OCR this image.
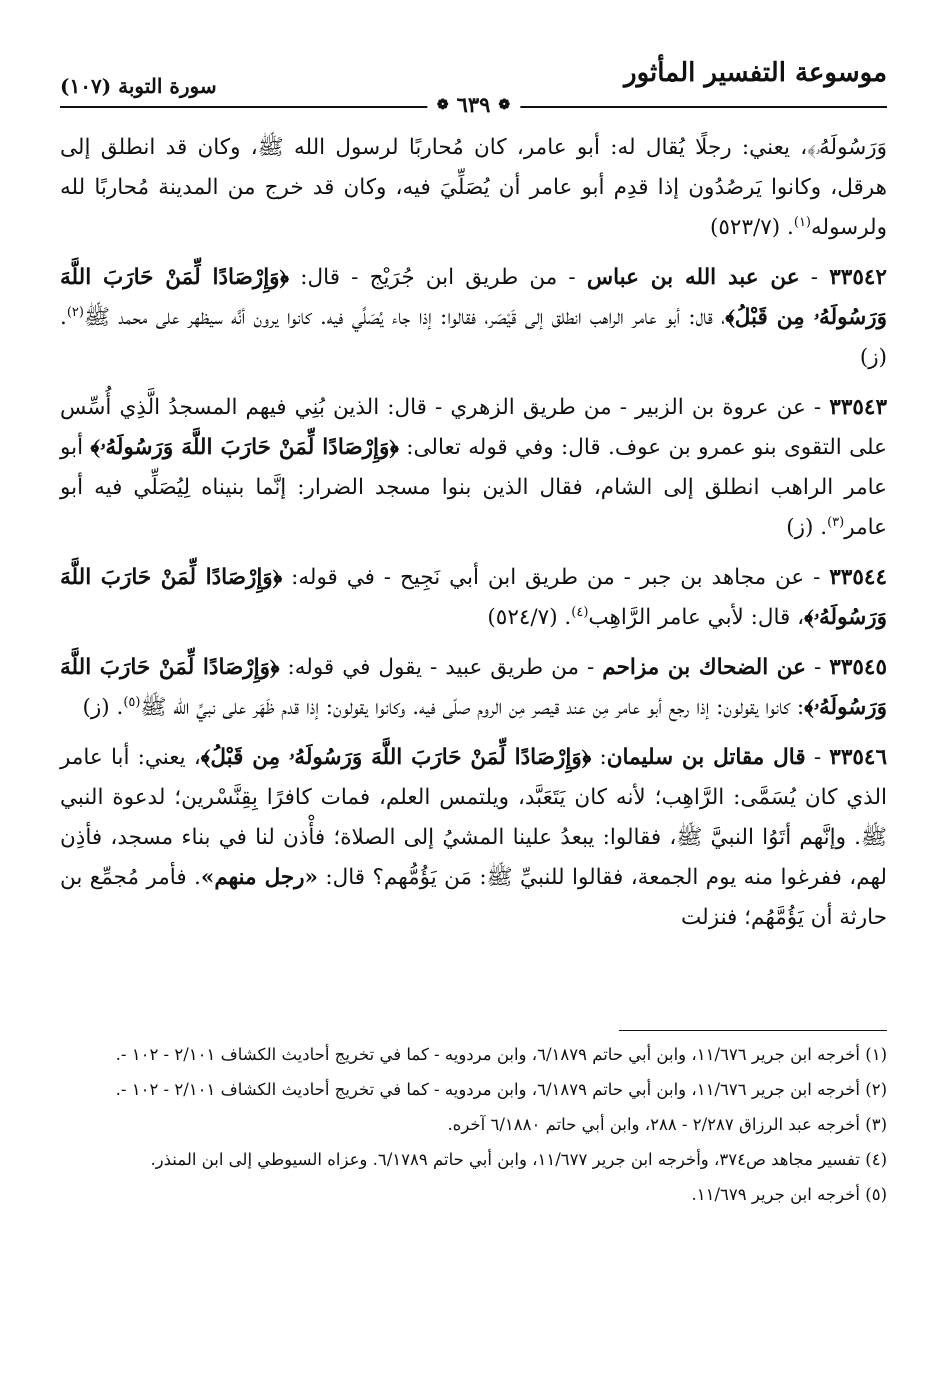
موسوعة التفسير المأثور
سورة التوبة (١٠٧)
❁
٦٣٩
❁

وَرَسُولَهُۥ﴾، يعني: رجلًا يُقال له: أبو عامر، كان مُحاربًا لرسول الله ﷺ، وكان قد انطلق إلى هرقل، وكانوا يَرصُدُون إذا قدِم أبو عامر أن يُصَلِّيَ فيه، وكان قد خرج من المدينة مُحاربًا لله ولرسوله$^{(١)}$. (٥٢٣/٧)

٣٣٥٤٢ - عن عبد الله بن عباس - من طريق ابن جُرَيْج - قال: ﴿وَإِرْصَادًا لِّمَنْ حَارَبَ اللَّهَ وَرَسُولَهُۥ مِن قَبْلُ﴾، قال: أبو عامر الراهب انطلق إلى قَيْصَر، فقالوا: إذا جاء يُصَلِّي فيه. كانوا يرون أنَّه سيظهر على محمد ﷺ$^{(٢)}$. (ز)

٣٣٥٤٣ - عن عروة بن الزبير - من طريق الزهري - قال: الذين بُنِي فيهم المسجدُ الَّذِي أُسِّس على التقوى بنو عمرو بن عوف. قال: وفي قوله تعالى: ﴿وَإِرْصَادًا لِّمَنْ حَارَبَ اللَّهَ وَرَسُولَهُۥ﴾ أبو عامر الراهب انطلق إلى الشام، فقال الذين بنوا مسجد الضرار: إنَّما بنيناه لِيُصَلِّي فيه أبو عامر$^{(٣)}$. (ز)

٣٣٥٤٤ - عن مجاهد بن جبر - من طريق ابن أبي نَجِيح - في قوله: ﴿وَإِرْصَادًا لِّمَنْ حَارَبَ اللَّهَ وَرَسُولَهُۥ﴾، قال: لأبي عامر الرَّاهِب$^{(٤)}$. (٥٢٤/٧)

٣٣٥٤٥ - عن الضحاك بن مزاحم - من طريق عبيد - يقول في قوله: ﴿وَإِرْصَادًا لِّمَنْ حَارَبَ اللَّهَ وَرَسُولَهُۥ﴾: كانوا يقولون: إذا رجع أبو عامر مِن عند قيصر مِن الروم صلّى فيه. وكانوا يقولون: إذا قدم ظَهَر على نبيِّ الله ﷺ$^{(٥)}$. (ز)

٣٣٥٤٦ - قال مقاتل بن سليمان: ﴿وَإِرْصَادًا لِّمَنْ حَارَبَ اللَّهَ وَرَسُولَهُۥ مِن قَبْلُ﴾، يعني: أبا عامر الذي كان يُسَمَّى: الرَّاهِب؛ لأنه كان يَتَعَبَّد، ويلتمس العلم، فمات كافرًا بِقِنَّسْرين؛ لدعوة النبي ﷺ. وإنَّهم أتَوُا النبيَّ ﷺ، فقالوا: يبعدُ علينا المشيُ إلى الصلاة؛ فأْذن لنا في بناء مسجد، فأذِن لهم، ففرغوا منه يوم الجمعة، فقالوا للنبيِّ ﷺ: مَن يَؤُمُّهم؟ قال: «رجل منهم». فأمر مُجمِّع بن حارثة أن يَؤُمَّهُم؛ فنزلت

(١) أخرجه ابن جرير ١١/٦٧٦، وابن أبي حاتم ٦/١٨٧٩، وابن مردويه - كما في تخريج أحاديث الكشاف ٢/١٠١ - ١٠٢ -.

(٢) أخرجه ابن جرير ١١/٦٧٦، وابن أبي حاتم ٦/١٨٧٩، وابن مردويه - كما في تخريج أحاديث الكشاف ٢/١٠١ - ١٠٢ -.

(٣) أخرجه عبد الرزاق ٢/٢٨٧ - ٢٨٨، وابن أبي حاتم ٦/١٨٨٠ آخره.

(٤) تفسير مجاهد ص٣٧٤، وأخرجه ابن جرير ١١/٦٧٧، وابن أبي حاتم ٦/١٧٨٩. وعزاه السيوطي إلى ابن المنذر.

(٥) أخرجه ابن جرير ١١/٦٧٩.
